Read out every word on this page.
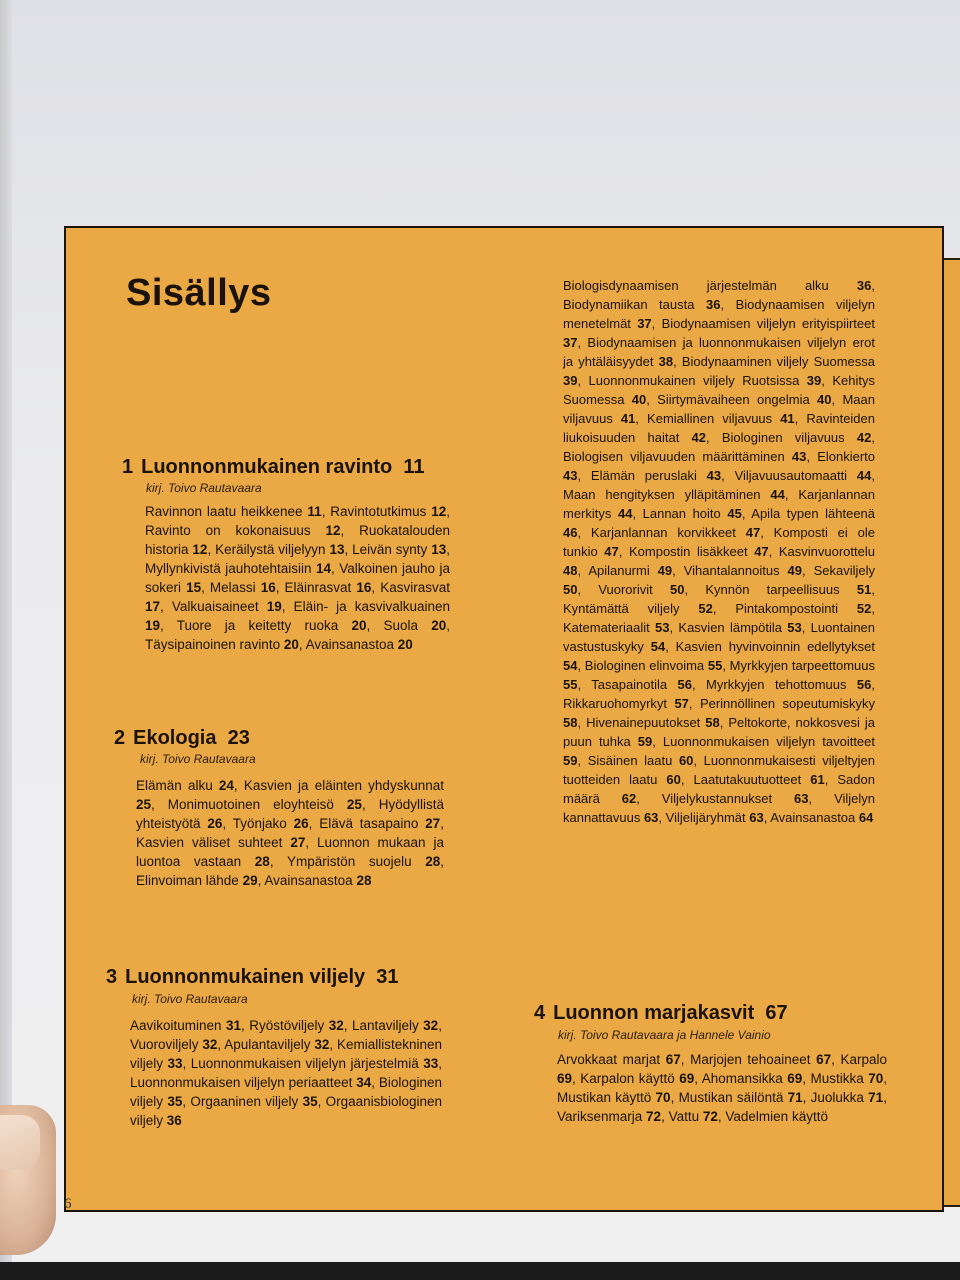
Sisällys
1 Luonnonmukainen ravinto 11

kirj. Toivo Rautavaara

Ravinnon laatu heikkenee 11, Ravintotutkimus 12, Ravinto on kokonaisuus 12, Ruokatalouden historia 12, Keräilystä viljelyyn 13, Leivän synty 13, Myllynkivistä jauhotehtaisiin 14, Valkoinen jauho ja sokeri 15, Melassi 16, Eläinrasvat 16, Kasvirasvat 17, Valkuaisaineet 19, Eläin- ja kasvivalkuainen 19, Tuore ja keitetty ruoka 20, Suola 20, Täysipainoinen ravinto 20, Avainsanastoa 20

2 Ekologia 23

kirj. Toivo Rautavaara

Elämän alku 24, Kasvien ja eläinten yhdyskunnat 25, Monimuotoinen eloyhteisö 25, Hyödyllistä yhteistyötä 26, Työnjako 26, Elävä tasapaino 27, Kasvien väliset suhteet 27, Luonnon mukaan ja luontoa vastaan 28, Ympäristön suojelu 28, Elinvoiman lähde 29, Avainsanastoa 28

3 Luonnonmukainen viljely 31

kirj. Toivo Rautavaara

Aavikoituminen 31, Ryöstöviljely 32, Lantaviljely 32, Vuoroviljely 32, Apulantaviljely 32, Kemiallistekninen viljely 33, Luonnonmukaisen viljelyn järjestelmiä 33, Luonnonmukaisen viljelyn periaatteet 34, Biologinen viljely 35, Orgaaninen viljely 35, Orgaanisbiologinen viljely 36

Biologisdynaamisen järjestelmän alku 36, Biodynamiikan tausta 36, Biodynaamisen viljelyn menetelmät 37, Biodynaamisen viljelyn erityispiirteet 37, Biodynaamisen ja luonnonmukaisen viljelyn erot ja yhtäläisyydet 38, Biodynaaminen viljely Suomessa 39, Luonnonmukainen viljely Ruotsissa 39, Kehitys Suomessa 40, Siirtymävaiheen ongelmia 40, Maan viljavuus 41, Kemiallinen viljavuus 41, Ravinteiden liukoisuuden haitat 42, Biologinen viljavuus 42, Biologisen viljavuuden määrittäminen 43, Elonkierto 43, Elämän peruslaki 43, Viljavuusautomaatti 44, Maan hengityksen ylläpitäminen 44, Karjanlannan merkitys 44, Lannan hoito 45, Apila typen lähteenä 46, Karjanlannan korvikkeet 47, Komposti ei ole tunkio 47, Kompostin lisäkkeet 47, Kasvinvuorottelu 48, Apilanurmi 49, Vihantalannoitus 49, Sekaviljely 50, Vuororivit 50, Kynnön tarpeellisuus 51, Kyntämättä viljely 52, Pintakompostointi 52, Katemateriaalit 53, Kasvien lämpötila 53, Luontainen vastustuskyky 54, Kasvien hyvinvoinnin edellytykset 54, Biologinen elinvoima 55, Myrkkyjen tarpeettomuus 55, Tasapainotila 56, Myrkkyjen tehottomuus 56, Rikkaruohomyrkyt 57, Perinnöllinen sopeutumiskyky 58, Hivenainepuutokset 58, Peltokorte, nokkosvesi ja puun tuhka 59, Luonnonmukaisen viljelyn tavoitteet 59, Sisäinen laatu 60, Luonnonmukaisesti viljeltyjen tuotteiden laatu 60, Laatutakuutuotteet 61, Sadon määrä 62, Viljelykustannukset 63, Viljelyn kannattavuus 63, Viljelijäryhmät 63, Avainsanastoa 64

4 Luonnon marjakasvit 67

kirj. Toivo Rautavaara ja Hannele Vainio

Arvokkaat marjat 67, Marjojen tehoaineet 67, Karpalo 69, Karpalon käyttö 69, Ahomansikka 69, Mustikka 70, Mustikan käyttö 70, Mustikan säilöntä 71, Juolukka 71, Variksenmarja 72, Vattu 72, Vadelmien käyttö

6
